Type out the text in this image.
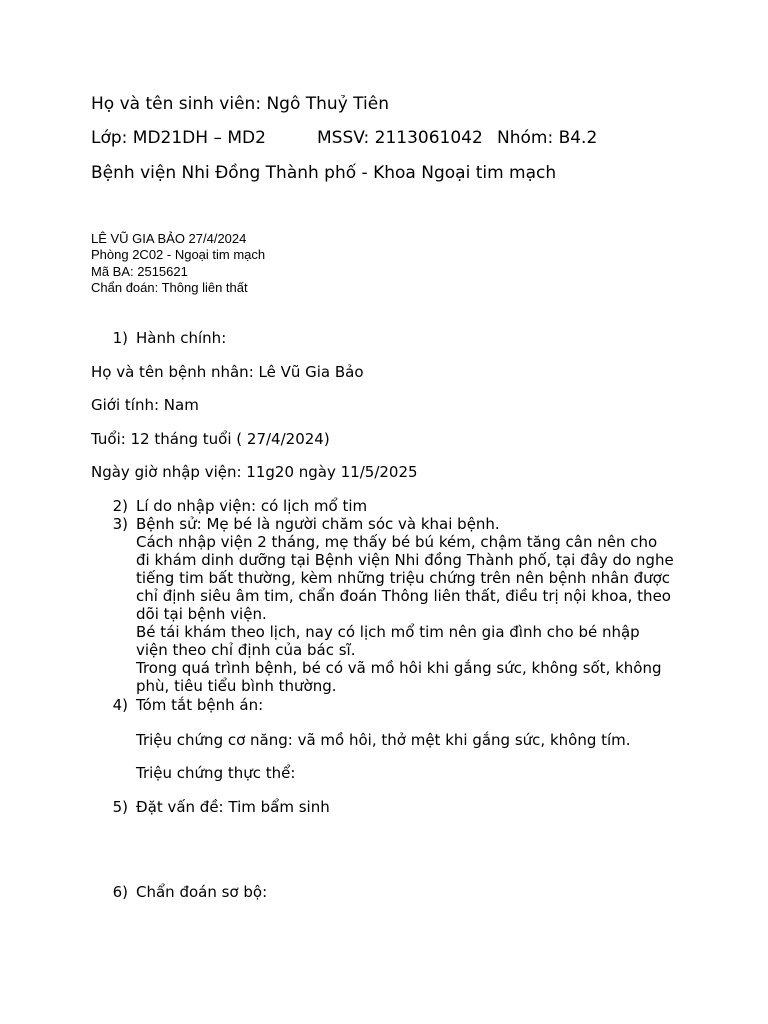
Họ và tên sinh viên: Ngô Thuỷ Tiên
Lớp: MD21DH – MD2	MSSV: 2113061042 Nhóm: B4.2
Bệnh viện Nhi Đồng Thành phố - Khoa Ngoại tim mạch
LÊ VŨ GIA BẢO 27/4/2024
Phòng 2C02 - Ngoại tim mạch
Mã BA: 2515621
Chẩn đoán: Thông liên thất
1) Hành chính:
Họ và tên bệnh nhân: Lê Vũ Gia Bảo
Giới tính: Nam
Tuổi: 12 tháng tuổi ( 27/4/2024)
Ngày giờ nhập viện: 11g20 ngày 11/5/2025
2) Lí do nhập viện: có lịch mổ tim
3) Bệnh sử: Mẹ bé là người chăm sóc và khai bệnh.
Cách nhập viện 2 tháng, mẹ thấy bé bú kém, chậm tăng cân nên cho
đi khám dinh dưỡng tại Bệnh viện Nhi đồng Thành phố, tại đây do nghe
tiếng tim bất thường, kèm những triệu chứng trên nên bệnh nhân được
chỉ định siêu âm tim, chẩn đoán Thông liên thất, điều trị nội khoa, theo
dõi tại bệnh viện.
Bé tái khám theo lịch, nay có lịch mổ tim nên gia đình cho bé nhập
viện theo chỉ định của bác sĩ.
Trong quá trình bệnh, bé có vã mồ hôi khi gắng sức, không sốt, không
phù, tiêu tiểu bình thường.
4) Tóm tắt bệnh án:
Triệu chứng cơ năng: vã mồ hôi, thở mệt khi gắng sức, không tím.
Triệu chứng thực thể:
5) Đặt vấn đề: Tim bẩm sinh
6) Chẩn đoán sơ bộ:
